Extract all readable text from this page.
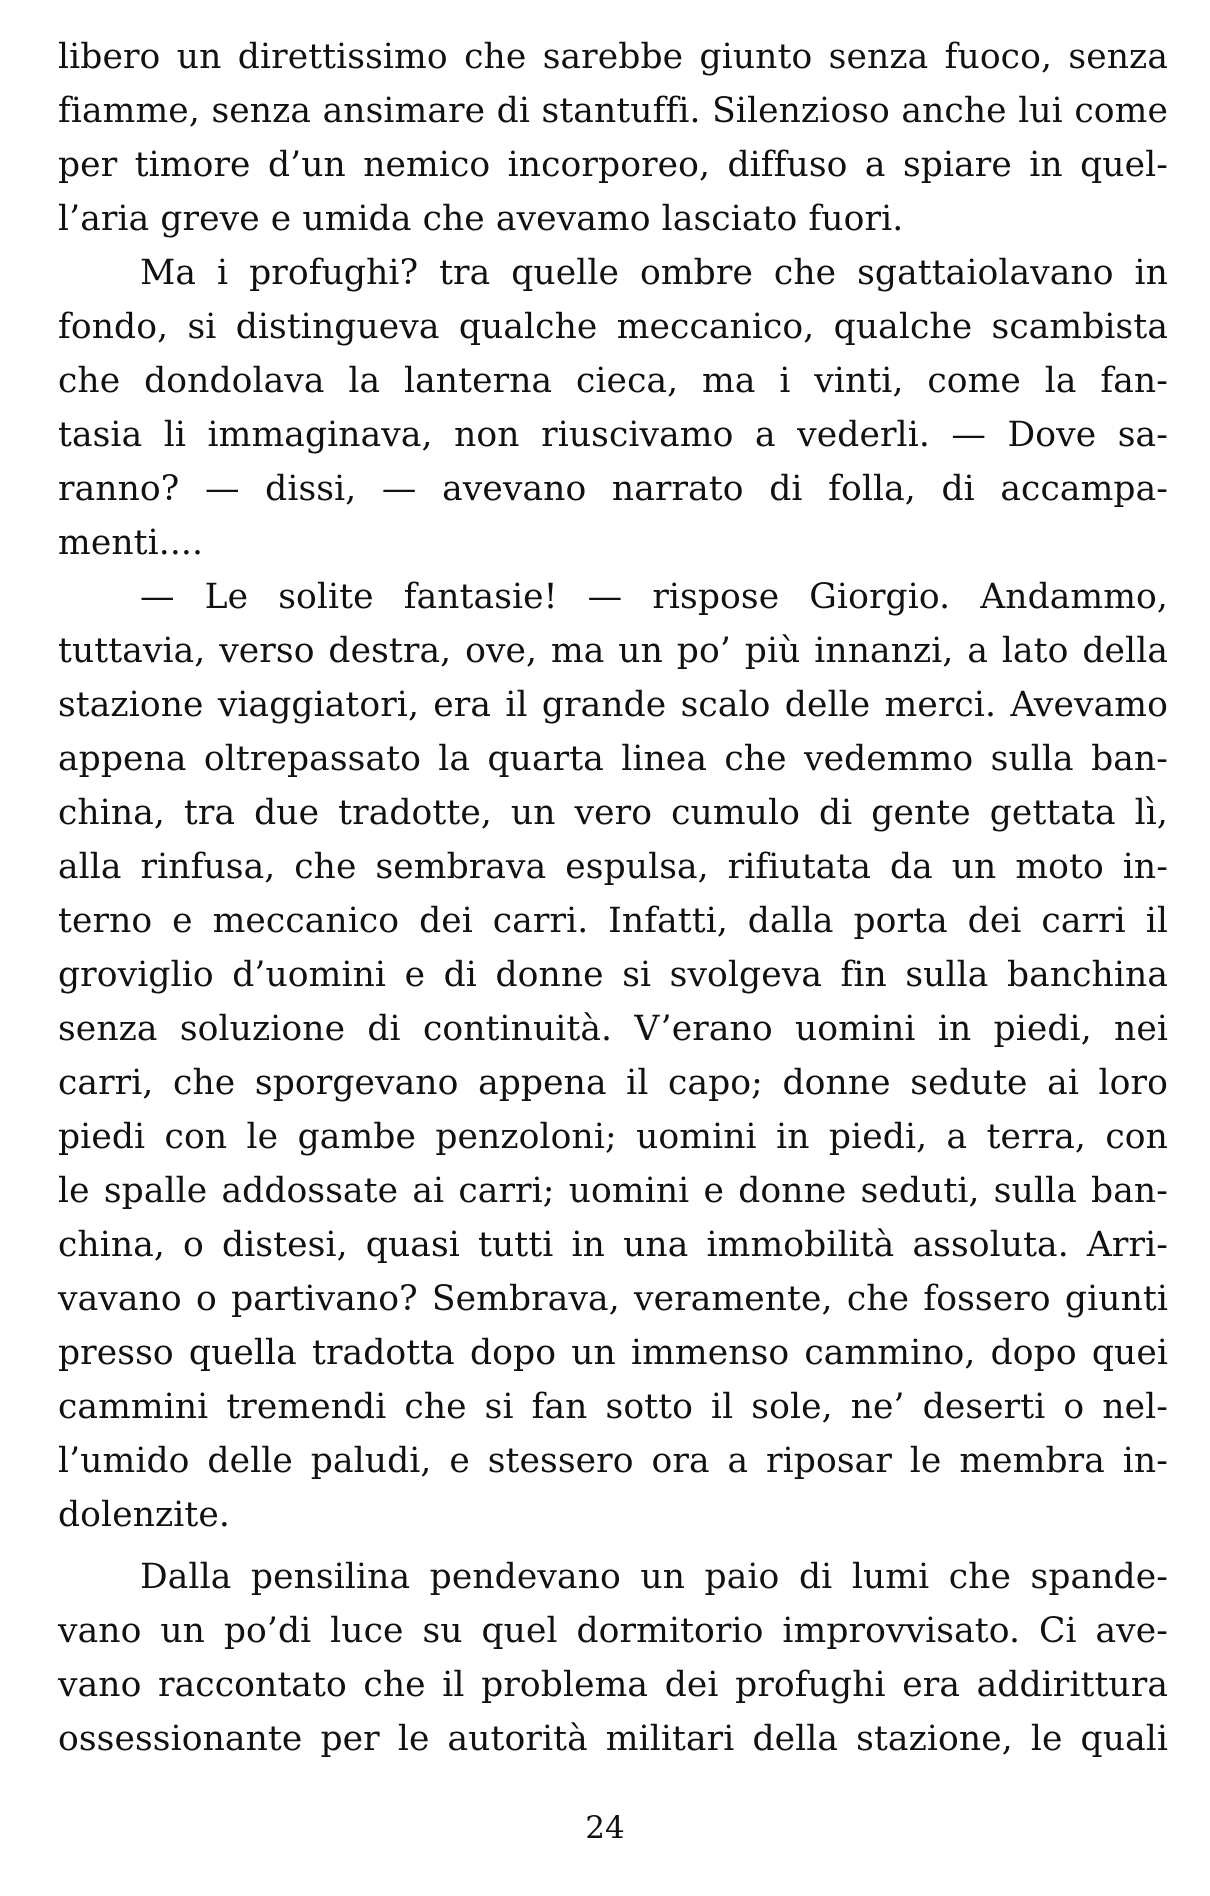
libero un direttissimo che sarebbe giunto senza fuoco, senza
fiamme, senza ansimare di stantuffi. Silenzioso anche lui come
per timore d’un nemico incorporeo, diffuso a spiare in quel-
l’aria greve e umida che avevamo lasciato fuori.
Ma i profughi? tra quelle ombre che sgattaiolavano in
fondo, si distingueva qualche meccanico, qualche scambista
che dondolava la lanterna cieca, ma i vinti, come la fan-
tasia li immaginava, non riuscivamo a vederli. — Dove sa-
ranno? — dissi, — avevano narrato di folla, di accampa-
menti....
— Le solite fantasie! — rispose Giorgio. Andammo,
tuttavia, verso destra, ove, ma un po’ più innanzi, a lato della
stazione viaggiatori, era il grande scalo delle merci. Avevamo
appena oltrepassato la quarta linea che vedemmo sulla ban-
china, tra due tradotte, un vero cumulo di gente gettata lì,
alla rinfusa, che sembrava espulsa, rifiutata da un moto in-
terno e meccanico dei carri. Infatti, dalla porta dei carri il
groviglio d’uomini e di donne si svolgeva fin sulla banchina
senza soluzione di continuità. V’erano uomini in piedi, nei
carri, che sporgevano appena il capo; donne sedute ai loro
piedi con le gambe penzoloni; uomini in piedi, a terra, con
le spalle addossate ai carri; uomini e donne seduti, sulla ban-
china, o distesi, quasi tutti in una immobilità assoluta. Arri-
vavano o partivano? Sembrava, veramente, che fossero giunti
presso quella tradotta dopo un immenso cammino, dopo quei
cammini tremendi che si fan sotto il sole, ne’ deserti o nel-
l’umido delle paludi, e stessero ora a riposar le membra in-
dolenzite.
Dalla pensilina pendevano un paio di lumi che spande-
vano un po’di luce su quel dormitorio improvvisato. Ci ave-
vano raccontato che il problema dei profughi era addirittura
ossessionante per le autorità militari della stazione, le quali
24
